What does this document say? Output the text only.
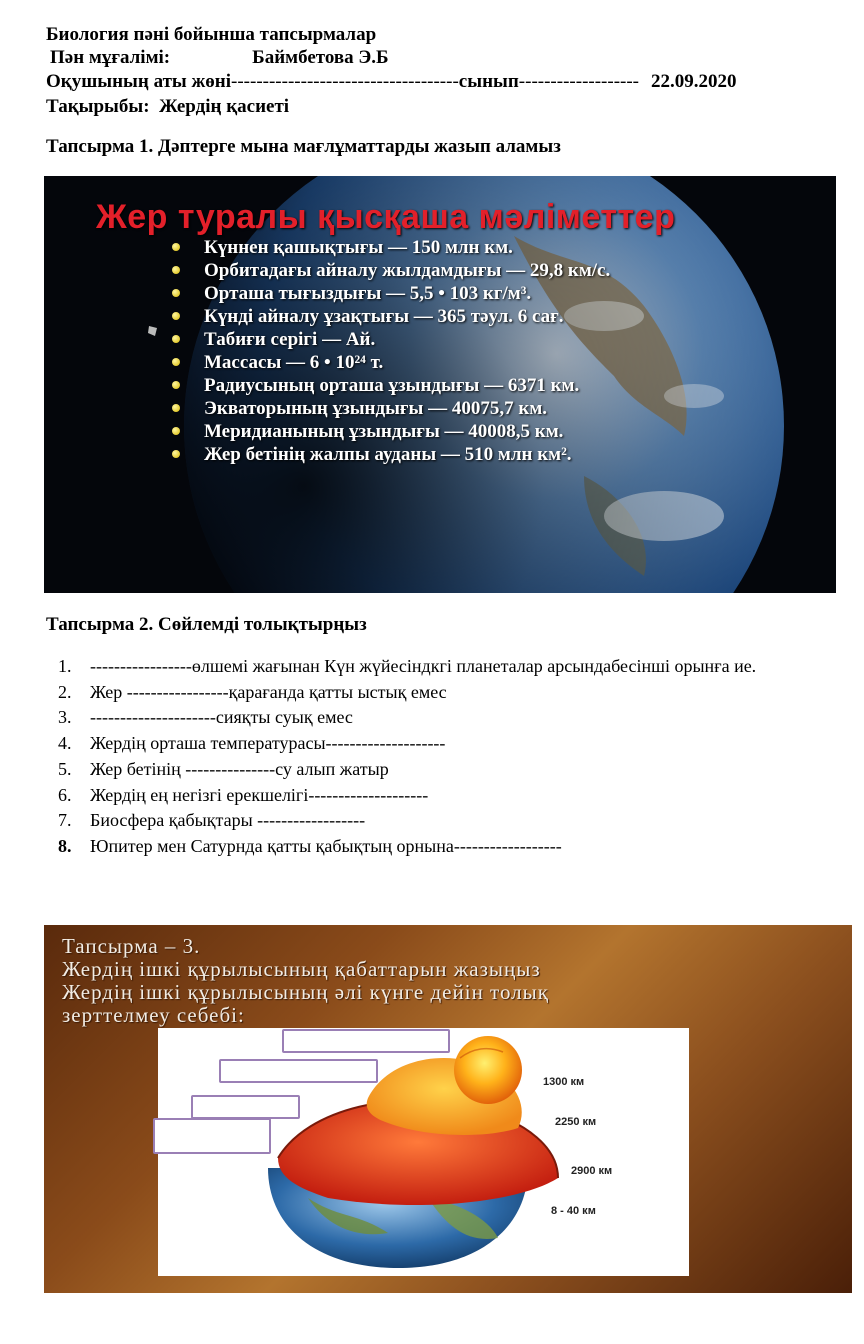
Биология пәні бойынша тапсырмалар
Пән мұғалімі:	Баймбетова Э.Б
Оқушының аты жөні------------------------------------сынып------------------- 22.09.2020
Тақырыбы: Жердің қасиеті
Тапсырма 1. Дәптерге мына мағлұматтарды жазып аламыз
Жер туралы қысқаша мәліметтер
Күннен қашықтығы — 150 млн км.
Орбитадағы айналу жылдамдығы — 29,8 км/с.
Орташа тығыздығы — 5,5 • 103 кг/м³.
Күнді айналу ұзақтығы — 365 тәул. 6 сағ.
Табиғи серігі — Ай.
Массасы — 6 • 10²⁴ т.
Радиусының орташа ұзындығы — 6371 км.
Экваторының ұзындығы — 40075,7 км.
Меридианының ұзындығы — 40008,5 км.
Жер бетінің жалпы ауданы — 510 млн км².
Тапсырма 2. Сөйлемді толықтырңыз
1. -----------------өлшемі жағынан Күн жүйесіндкгі планеталар арсындабесінші орынға ие.
2. Жер -----------------қарағанда қатты ыстық емес
3. ---------------------сияқты суық емес
4. Жердің орташа температурасы--------------------
5. Жер бетінің ---------------су алып жатыр
6. Жердің ең негізгі ерекшелігі--------------------
7. Биосфера қабықтары ------------------
8. Юпитер мен Сатурнда қатты қабықтың орнына------------------
Тапсырма – 3.
Жердің ішкі құрылысының қабаттарын жазыңыз
Жердің ішкі құрылысының әлі күнге дейін толық
зерттелмеу себебі:
1300 км
2250 км
2900 км
8 - 40 км
